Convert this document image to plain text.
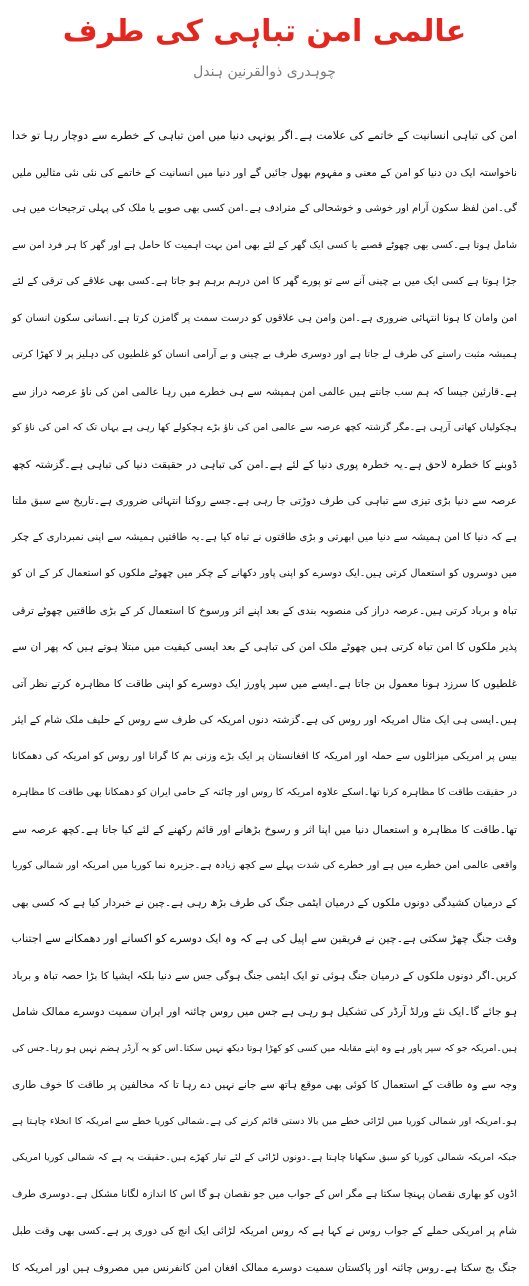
عالمی امن تباہی کی طرف
چوہدری ذوالقرنین ہندل
امن کی تباہی انسانیت کے خاتمے کی علامت ہے۔اگر یونہی دنیا میں امن تباہی کے خطرے سے دوچار رہا تو خدا
ناخواستہ ایک دن دنیا کو امن کے معنی و مفہوم بھول جائیں گے اور دنیا میں انسانیت کے خاتمے کی نئی نئی مثالیں ملیں
گی۔امن لفظ سکون آرام اور خوشی و خوشحالی کے مترادف ہے۔امن کسی بھی صوبے یا ملک کی پہلی ترجیحات میں ہی
شامل ہوتا ہے۔کسی بھی چھوٹے قصبے یا کسی ایک گھر کے لئے بھی امن بہت اہمیت کا حامل ہے اور گھر کا ہر فرد امن سے
جڑا ہوتا ہے کسی ایک میں بے چینی آنے سے تو پورے گھر کا امن درہم برہم ہو جاتا ہے۔کسی بھی علاقے کی ترقی کے لئے
امن وامان کا ہونا انتہائی ضروری ہے۔امن وامن ہی علاقوں کو درست سمت پر گامزن کرتا ہے۔انسانی سکون انسان کو
ہمیشہ مثبت راستے کی طرف لے جاتا ہے اور دوسری طرف بے چینی و بے آرامی انسان کو غلطیوں کی دہلیز پر لا کھڑا کرتی
ہے۔قارئین جیسا کہ ہم سب جانتے ہیں عالمی امن ہمیشہ سے ہی خطرے میں رہا عالمی امن کی ناؤ عرصہ دراز سے
ہچکولیاں کھاتی آرہی ہے۔مگر گزشتہ کچھ عرصہ سے عالمی امن کی ناؤ بڑے ہچکولے کھا رہی ہے یہاں تک کہ امن کی ناؤ کو
ڈوبنے کا خطرہ لاحق ہے۔یہ خطرہ پوری دنیا کے لئے ہے۔امن کی تباہی در حقیقت دنیا کی تباہی ہے۔گزشتہ کچھ
عرصہ سے دنیا بڑی تیزی سے تباہی کی طرف دوڑتی جا رہی ہے۔جسے روکنا انتہائی ضروری ہے۔تاریخ سے سبق ملتا
ہے کہ دنیا کا امن ہمیشہ سے دنیا میں ابھرتی و بڑی طاقتوں نے تباہ کیا ہے۔یہ طاقتیں ہمیشہ سے اپنی نمبرداری کے چکر
میں دوسروں کو استعمال کرتی ہیں۔ایک دوسرے کو اپنی پاور دکھانے کے چکر میں چھوٹے ملکوں کو استعمال کر کے ان کو
تباہ و برباد کرتی ہیں۔عرصہ دراز کی منصوبہ بندی کے بعد اپنے اثر ورسوخ کا استعمال کر کے بڑی طاقتیں چھوٹے ترقی
پذیر ملکوں کا امن تباہ کرتی ہیں چھوٹے ملک امن کی تباہی کے بعد ایسی کیفیت میں مبتلا ہوتے ہیں کہ پھر ان سے
غلطیوں کا سرزد ہونا معمول بن جاتا ہے۔ایسے میں سپر پاورز ایک دوسرے کو اپنی طاقت کا مظاہرہ کرتے نظر آتی
ہیں۔ایسی ہی ایک مثال امریکہ اور روس کی ہے۔گزشتہ دنوں امریکہ کی طرف سے روس کے حلیف ملک شام کے ایئر
بیس پر امریکی میزائلوں سے حملہ اور امریکہ کا افغانستان پر ایک بڑے وزنی بم کا گرانا اور روس کو امریکہ کی دھمکانا
در حقیقت طاقت کا مظاہرہ کرنا تھا۔اسکے علاوہ امریکہ کا روس اور چائنہ کے حامی ایران کو دھمکانا بھی طاقت کا مظاہرہ
تھا۔طاقت کا مظاہرہ و استعمال دنیا میں اپنا اثر و رسوخ بڑھانے اور قائم رکھنے کے لئے کیا جاتا ہے۔کچھ عرصہ سے
واقعی عالمی امن خطرے میں ہے اور خطرے کی شدت پہلے سے کچھ زیادہ ہے۔جزیرہ نما کوریا میں امریکہ اور شمالی کوریا
کے درمیان کشیدگی دونوں ملکوں کے درمیان ایٹمی جنگ کی طرف بڑھ رہی ہے۔چین نے خبردار کیا ہے کہ کسی بھی
وقت جنگ چھڑ سکتی ہے۔چین نے فریقین سے اپیل کی ہے کہ وہ ایک دوسرے کو اکسانے اور دھمکانے سے اجتناب
کریں۔اگر دونوں ملکوں کے درمیان جنگ ہوئی تو ایک ایٹمی جنگ ہوگی جس سے دنیا بلکہ ایشیا کا بڑا حصہ تباہ و برباد
ہو جائے گا۔ایک نئے ورلڈ آرڈر کی تشکیل ہو رہی ہے جس میں روس چائنہ اور ایران سمیت دوسرے ممالک شامل
ہیں۔امریکہ جو کہ سپر پاور ہے وہ اپنے مقابلہ میں کسی کو کھڑا ہوتا دیکھ نہیں سکتا۔اس کو یہ آرڈر ہضم نہیں ہو رہا۔جس کی
وجہ سے وہ طاقت کے استعمال کا کوئی بھی موقع ہاتھ سے جانے نہیں دے رہا تا کہ مخالفین پر طاقت کا خوف طاری
ہو۔امریکہ اور شمالی کوریا میں لڑائی خطے میں بالا دستی قائم کرنے کی ہے۔شمالی کوریا خطے سے امریکہ کا انخلاء چاہتا ہے
جبکہ امریکہ شمالی کوریا کو سبق سکھانا چاہتا ہے۔دونوں لڑائی کے لئے تیار کھڑے ہیں۔حقیقت یہ ہے کہ شمالی کوریا امریکی
اڈوں کو بھاری نقصان پہنچا سکتا ہے مگر اس کے جواب میں جو نقصان ہو گا اس کا اندازہ لگانا مشکل ہے۔دوسری طرف
شام پر امریکی حملے کے جواب روس نے کہا ہے کہ روس امریکہ لڑائی ایک انچ کی دوری پر ہے۔کسی بھی وقت طبل
جنگ بج سکتا ہے۔روس چائنہ اور پاکستان سمیت دوسرے ممالک افغان امن کانفرنس میں مصروف ہیں اور امریکہ کا
